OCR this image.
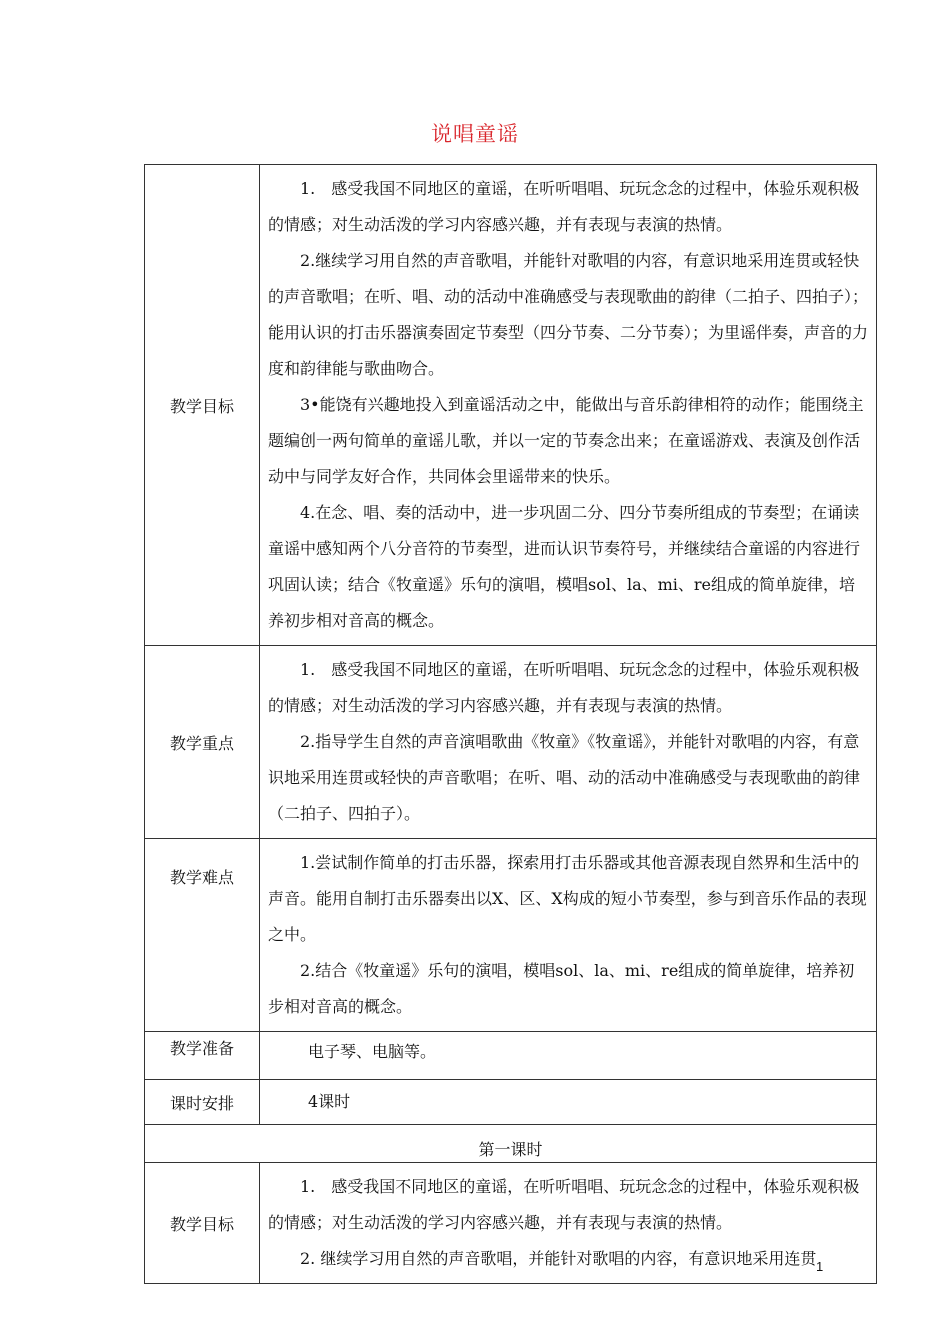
说唱童谣
教学目标	1.　感受我国不同地区的童谣，在听听唱唱、玩玩念念的过程中，体验乐观积极的情感；对生动活泼的学习内容感兴趣，并有表现与表演的热情。

2.继续学习用自然的声音歌唱，并能针对歌唱的内容，有意识地采用连贯或轻快的声音歌唱；在听、唱、动的活动中准确感受与表现歌曲的韵律（二拍子、四拍子）；能用认识的打击乐器演奏固定节奏型（四分节奏、二分节奏）；为里谣伴奏，声音的力度和韵律能与歌曲吻合。

3•能饶有兴趣地投入到童谣活动之中，能做出与音乐韵律相符的动作；能围绕主题编创一两句简单的童谣儿歌，并以一定的节奏念出来；在童谣游戏、表演及创作活动中与同学友好合作，共同体会里谣带来的快乐。

4.在念、唱、奏的活动中，进一步巩固二分、四分节奏所组成的节奏型；在诵读童谣中感知两个八分音符的节奏型，进而认识节奏符号，并继续结合童谣的内容进行巩固认读；结合《牧童遥》乐句的演唱，模唱sol、la、mi、re组成的简单旋律，培养初步相对音高的概念。

教学重点	1.　感受我国不同地区的童谣，在听听唱唱、玩玩念念的过程中，体验乐观积极的情感；对生动活泼的学习内容感兴趣，并有表现与表演的热情。

2.指导学生自然的声音演唱歌曲《牧童》《牧童谣》，并能针对歌唱的内容，有意识地采用连贯或轻快的声音歌唱；在听、唱、动的活动中准确感受与表现歌曲的韵律（二拍子、四拍子）。

教学难点	1.尝试制作简单的打击乐器，探索用打击乐器或其他音源表现自然界和生活中的声音。能用自制打击乐器奏出以X、区、X构成的短小节奏型，参与到音乐作品的表现之中。

2.结合《牧童遥》乐句的演唱，模唱sol、la、mi、re组成的简单旋律，培养初步相对音高的概念。

教学准备	电子琴、电脑等。

课时安排	4课时

第一课时	
教学目标	1.　感受我国不同地区的童谣，在听听唱唱、玩玩念念的过程中，体验乐观积极的情感；对生动活泼的学习内容感兴趣，并有表现与表演的热情。

2. 继续学习用自然的声音歌唱，并能针对歌唱的内容，有意识地采用连贯 1
